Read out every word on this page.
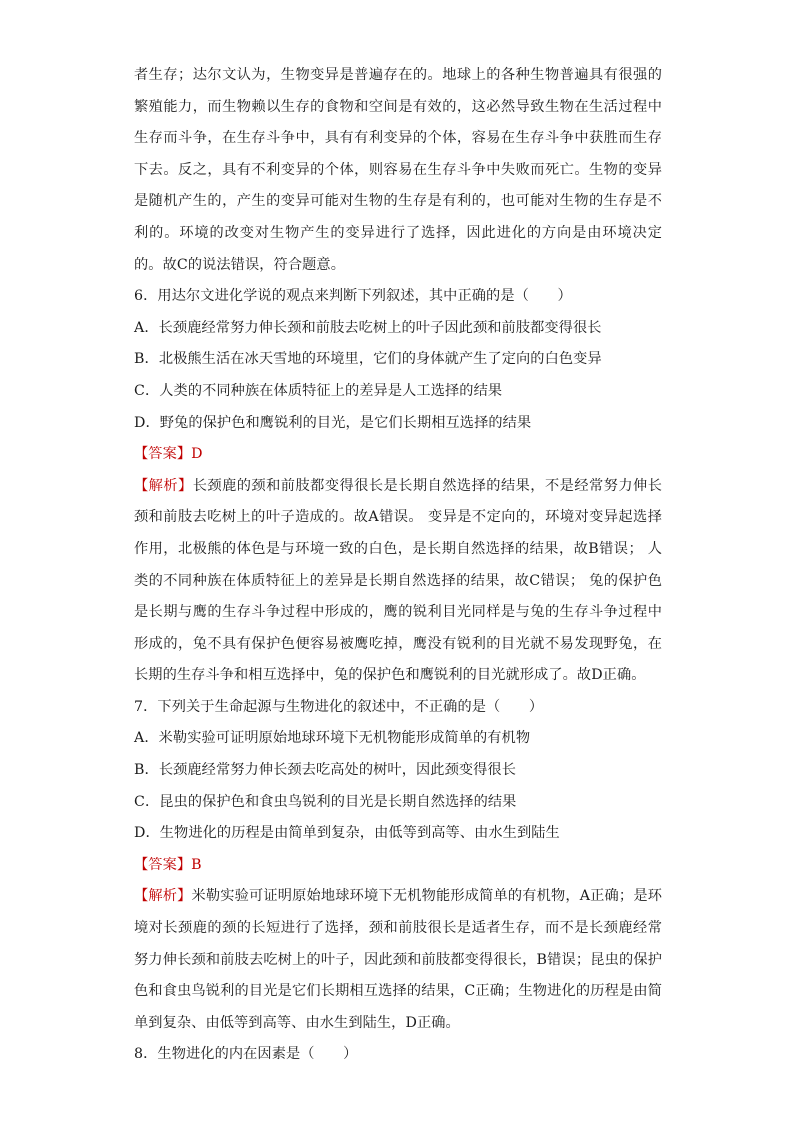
者生存；达尔文认为，生物变异是普遍存在的。地球上的各种生物普遍具有很强的繁殖能力，而生物赖以生存的食物和空间是有效的，这必然导致生物在生活过程中生存而斗争，在生存斗争中，具有有利变异的个体，容易在生存斗争中获胜而生存下去。反之，具有不利变异的个体，则容易在生存斗争中失败而死亡。生物的变异是随机产生的，产生的变异可能对生物的生存是有利的，也可能对生物的生存是不利的。环境的改变对生物产生的变异进行了选择，因此进化的方向是由环境决定的。故C的说法错误，符合题意。

6．用达尔文进化学说的观点来判断下列叙述，其中正确的是（　　）

A．长颈鹿经常努力伸长颈和前肢去吃树上的叶子因此颈和前肢都变得很长

B．北极熊生活在冰天雪地的环境里，它们的身体就产生了定向的白色变异

C．人类的不同种族在体质特征上的差异是人工选择的结果

D．野兔的保护色和鹰锐利的目光，是它们长期相互选择的结果

【答案】D

【解析】长颈鹿的颈和前肢都变得很长是长期自然选择的结果，不是经常努力伸长颈和前肢去吃树上的叶子造成的。故A错误。 变异是不定向的，环境对变异起选择作用，北极熊的体色是与环境一致的白色，是长期自然选择的结果，故B错误； 人类的不同种族在体质特征上的差异是长期自然选择的结果，故C错误； 兔的保护色是长期与鹰的生存斗争过程中形成的，鹰的锐利目光同样是与兔的生存斗争过程中形成的，兔不具有保护色便容易被鹰吃掉，鹰没有锐利的目光就不易发现野兔，在长期的生存斗争和相互选择中，兔的保护色和鹰锐利的目光就形成了。故D正确。

7．下列关于生命起源与生物进化的叙述中，不正确的是（　　）

A．米勒实验可证明原始地球环境下无机物能形成简单的有机物

B．长颈鹿经常努力伸长颈去吃高处的树叶，因此颈变得很长

C．昆虫的保护色和食虫鸟锐利的目光是长期自然选择的结果

D．生物进化的历程是由简单到复杂，由低等到高等、由水生到陆生

【答案】B

【解析】米勒实验可证明原始地球环境下无机物能形成简单的有机物，A正确；是环境对长颈鹿的颈的长短进行了选择，颈和前肢很长是适者生存，而不是长颈鹿经常努力伸长颈和前肢去吃树上的叶子，因此颈和前肢都变得很长，B错误；昆虫的保护色和食虫鸟锐利的目光是它们长期相互选择的结果，C正确；生物进化的历程是由简单到复杂、由低等到高等、由水生到陆生，D正确。

8．生物进化的内在因素是（　　）
